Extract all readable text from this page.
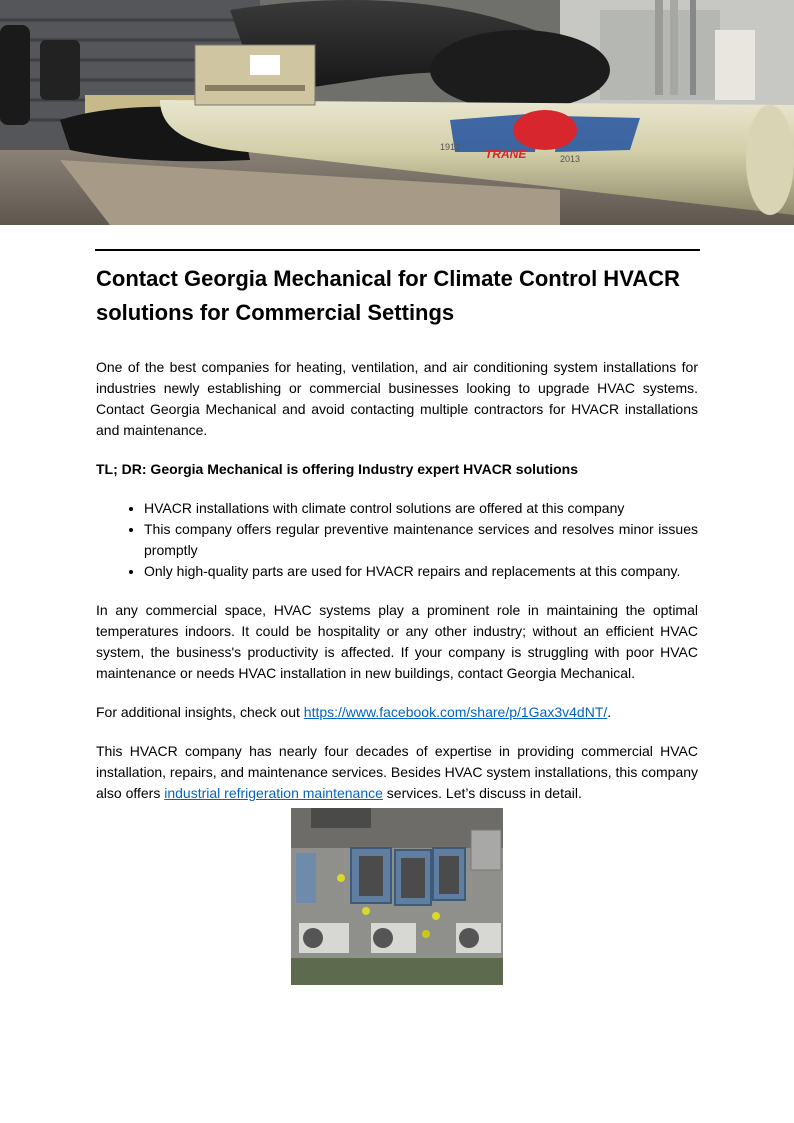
TRANE
1913
2013
Contact Georgia Mechanical for Climate Control HVACR solutions for Commercial Settings

One of the best companies for heating, ventilation, and air conditioning system installations for industries newly establishing or commercial businesses looking to upgrade HVAC systems. Contact Georgia Mechanical and avoid contacting multiple contractors for HVACR installations and maintenance.

TL; DR: Georgia Mechanical is offering Industry expert HVACR solutions

• HVACR installations with climate control solutions are offered at this company
• This company offers regular preventive maintenance services and resolves minor issues promptly
• Only high-quality parts are used for HVACR repairs and replacements at this company.

In any commercial space, HVAC systems play a prominent role in maintaining the optimal temperatures indoors. It could be hospitality or any other industry; without an efficient HVAC system, the business's productivity is affected. If your company is struggling with poor HVAC maintenance or needs HVAC installation in new buildings, contact Georgia Mechanical.

For additional insights, check out https://www.facebook.com/share/p/1Gax3v4dNT/.

This HVACR company has nearly four decades of expertise in providing commercial HVAC installation, repairs, and maintenance services. Besides HVAC system installations, this company also offers industrial refrigeration maintenance services. Let’s discuss in detail.
